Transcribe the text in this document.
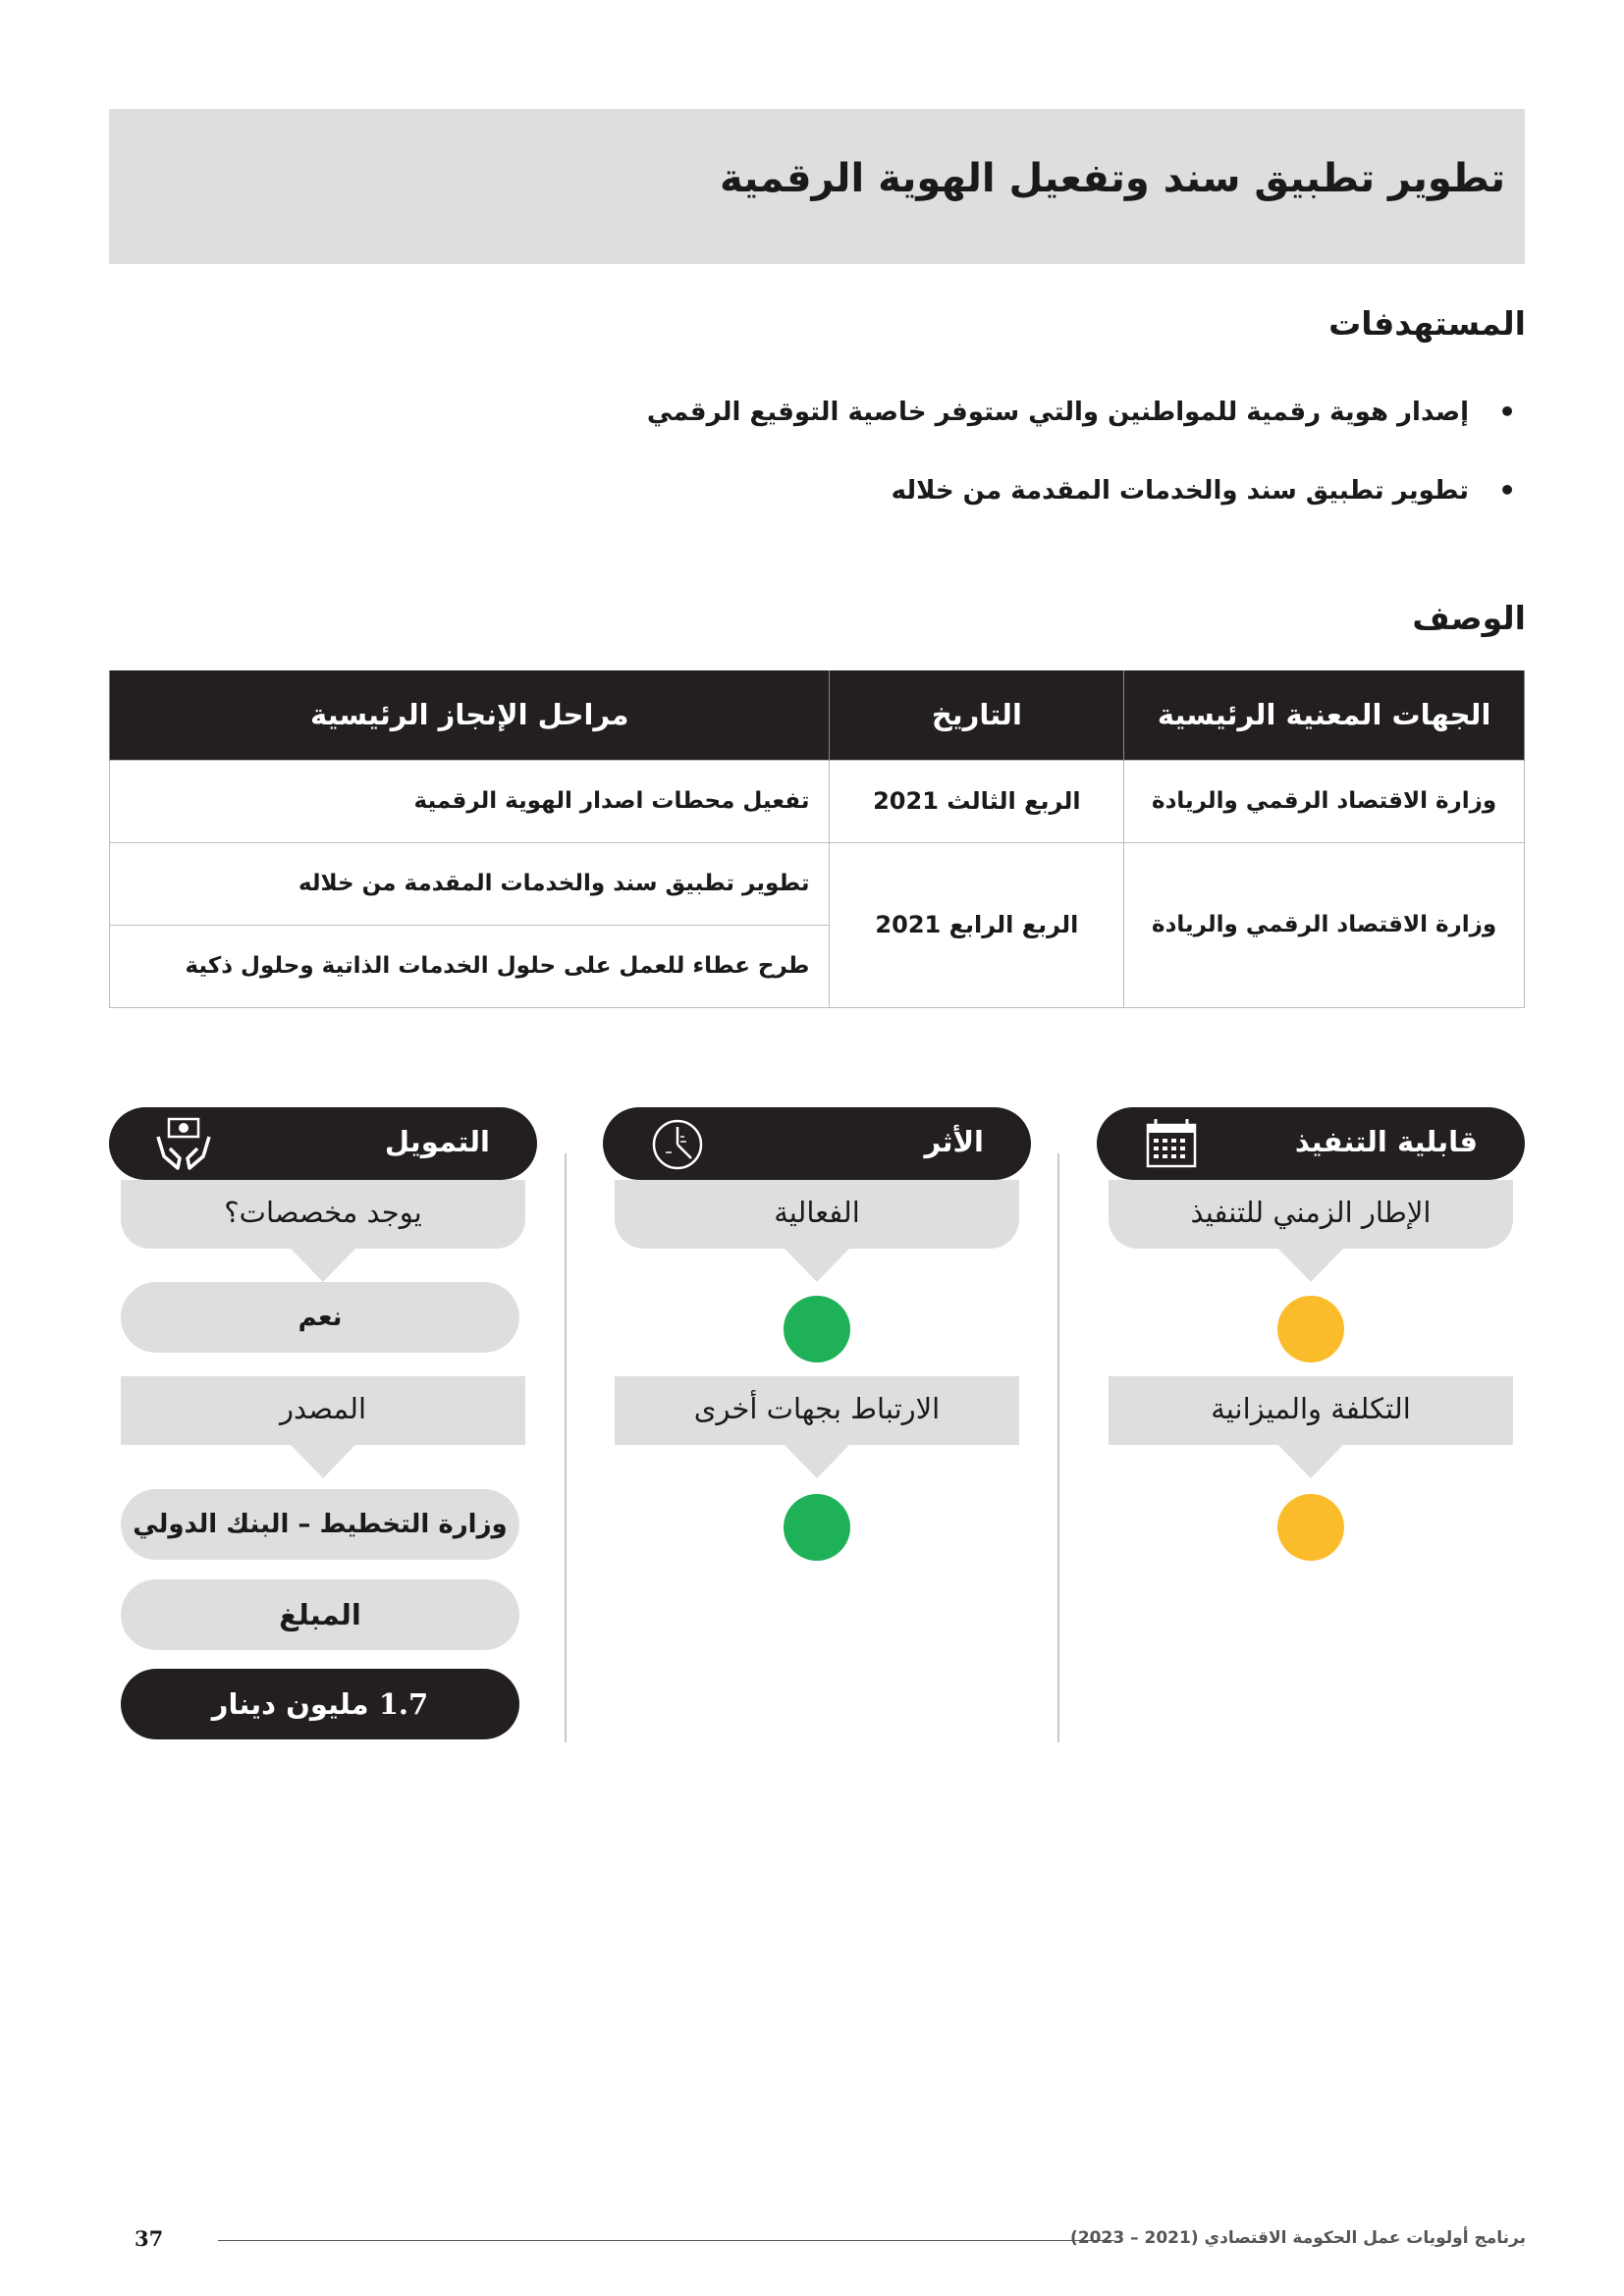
تطوير تطبيق سند وتفعيل الهوية الرقمية
المستهدفات
• إصدار هوية رقمية للمواطنين والتي ستوفر خاصية التوقيع الرقمي
• تطوير تطبيق سند والخدمات المقدمة من خلاله
الوصف
الجهات المعنية الرئيسية	التاريخ	مراحل الإنجاز الرئيسية
وزارة الاقتصاد الرقمي والريادة	الربع الثالث 2021	تفعيل محطات اصدار الهوية الرقمية
وزارة الاقتصاد الرقمي والريادة	الربع الرابع 2021	تطوير تطبيق سند والخدمات المقدمة من خلاله
		طرح عطاء للعمل على حلول الخدمات الذاتية وحلول ذكية
قابلية التنفيذ
الإطار الزمني للتنفيذ
التكلفة والميزانية
الأثر
الفعالية
الارتباط بجهات أخرى
التمويل
يوجد مخصصات؟
نعم
المصدر
وزارة التخطيط – البنك الدولي
المبلغ
1.7 مليون دينار
37	برنامج أولويات عمل الحكومة الاقتصادي (2021 – 2023)
